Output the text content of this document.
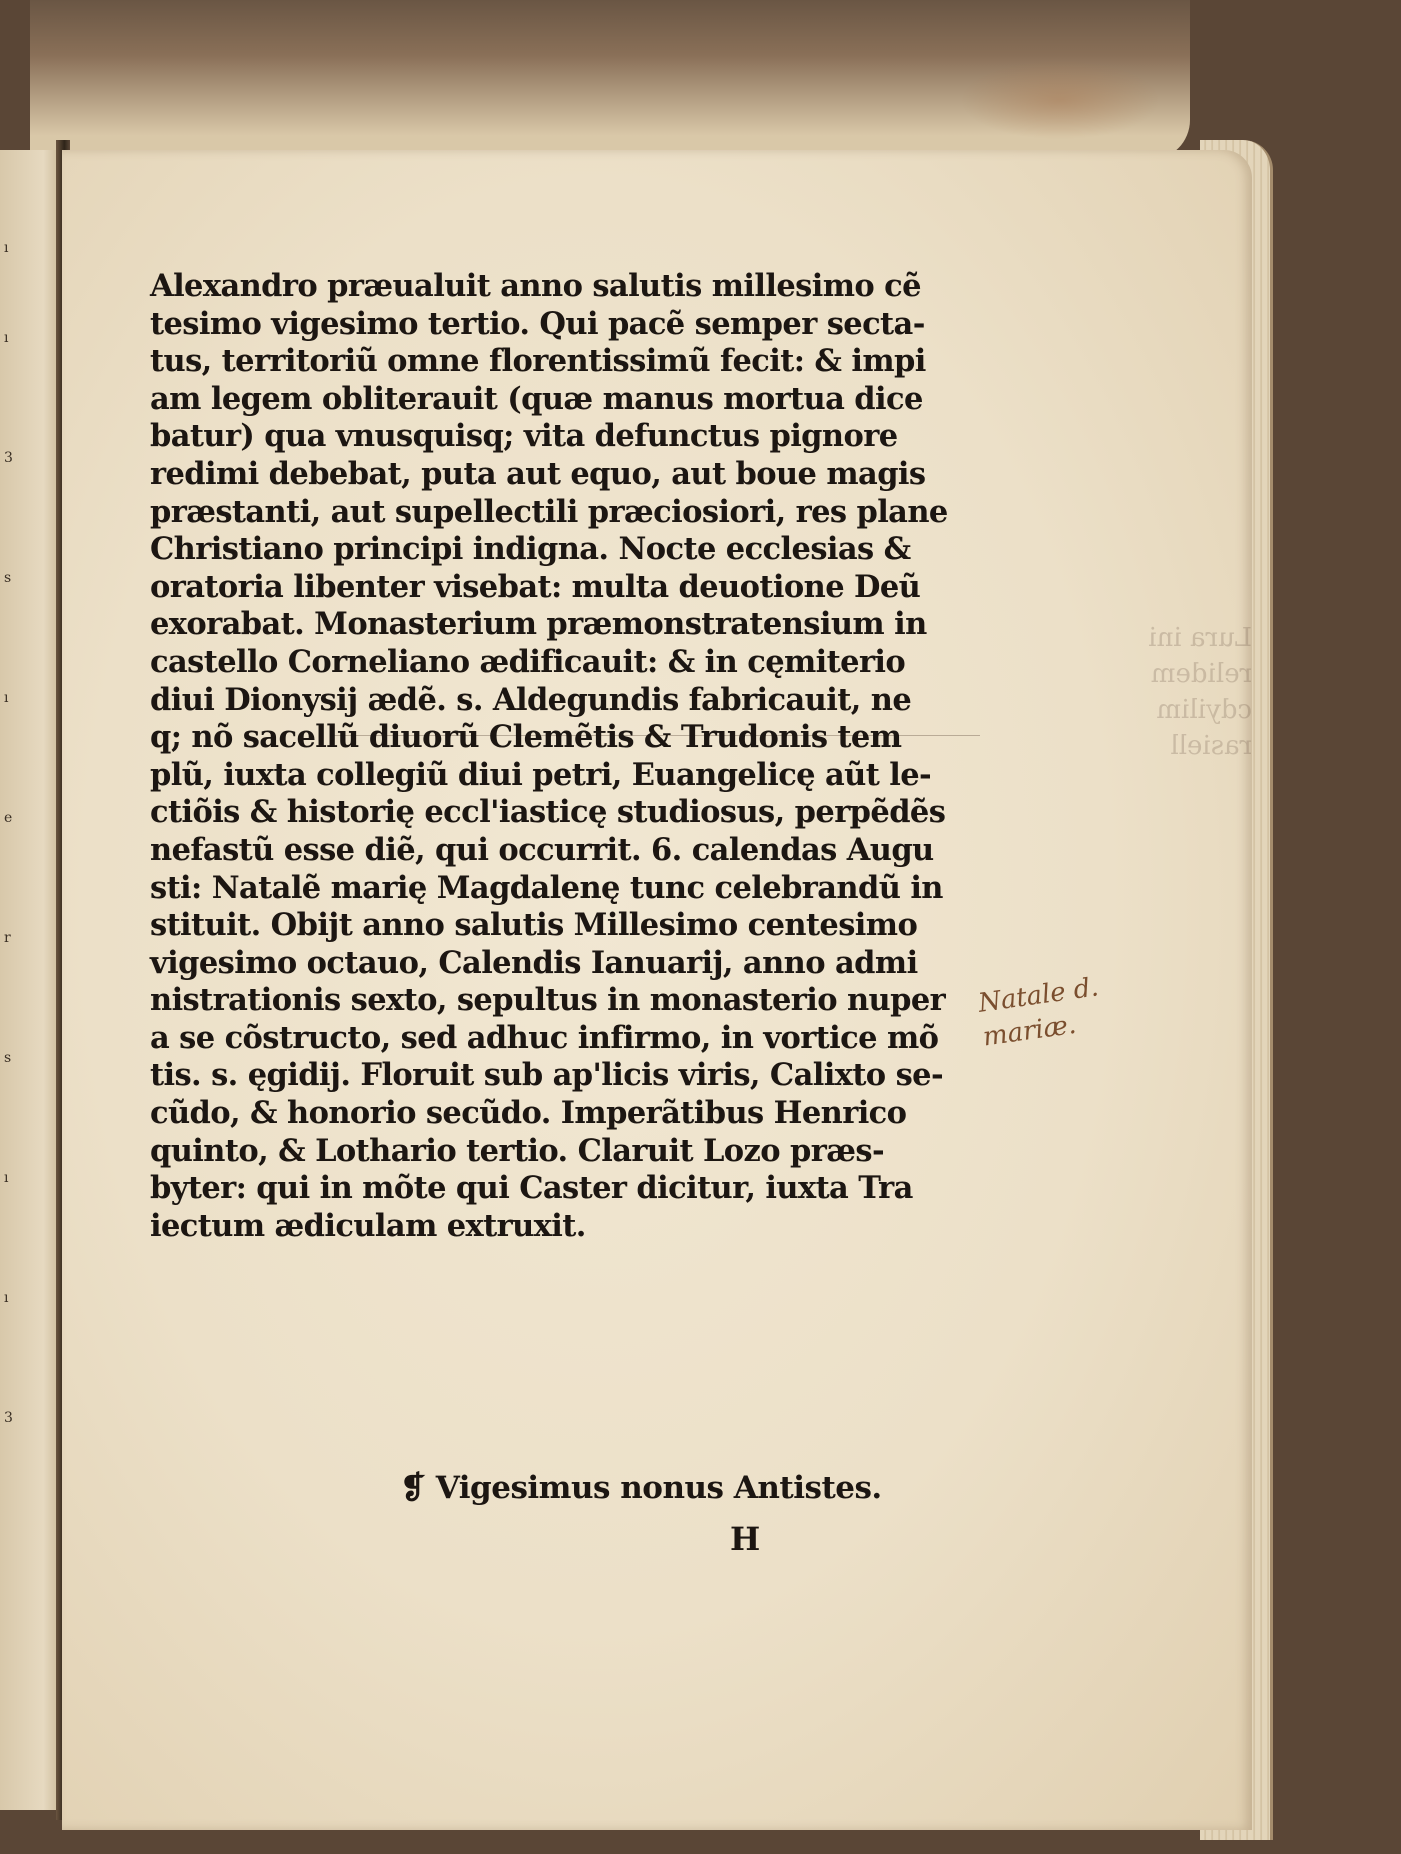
ı
ı
3
s
ı
e
r
s
ı
ı
3
Lura ini
relidem
cdyilim
rasiell
Alexandro præualuit anno salutis millesimo cẽ
tesimo vigesimo tertio. Qui pacẽ semper secta-
tus, territoriũ omne florentissimũ fecit: & impi
am legem obliterauit (quæ manus mortua dice
batur) qua vnusquisq; vita defunctus pignore
redimi debebat, puta aut equo, aut boue magis
præstanti, aut supellectili præciosiori, res plane
Christiano principi indigna. Nocte ecclesias &
oratoria libenter visebat: multa deuotione Deũ
exorabat. Monasterium præmonstratensium in
castello Corneliano ædificauit: & in cęmiterio
diui Dionysij ædẽ. s. Aldegundis fabricauit, ne
q; nõ sacellũ diuorũ Clemẽtis & Trudonis tem
plũ, iuxta collegiũ diui petri, Euangelicę aũt le-
ctiõis & historię eccl'iasticę studiosus, perpẽdẽs
nefastũ esse diẽ, qui occurrit. 6. calendas Augu
sti: Natalẽ marię Magdalenę tunc celebrandũ in
stituit. Obijt anno salutis Millesimo centesimo
vigesimo octauo, Calendis Ianuarij, anno admi
nistrationis sexto, sepultus in monasterio nuper
a se cõstructo, sed adhuc infirmo, in vortice mõ
tis. s. ęgidij. Floruit sub ap'licis viris, Calixto se-
cũdo, & honorio secũdo. Imperãtibus Henrico
quinto, & Lothario tertio. Claruit Lozo præs-
byter: qui in mõte qui Caster dicitur, iuxta Tra
iectum ædiculam extruxit.
❡ Vigesimus nonus Antistes.
H
Natale d. mariæ.
